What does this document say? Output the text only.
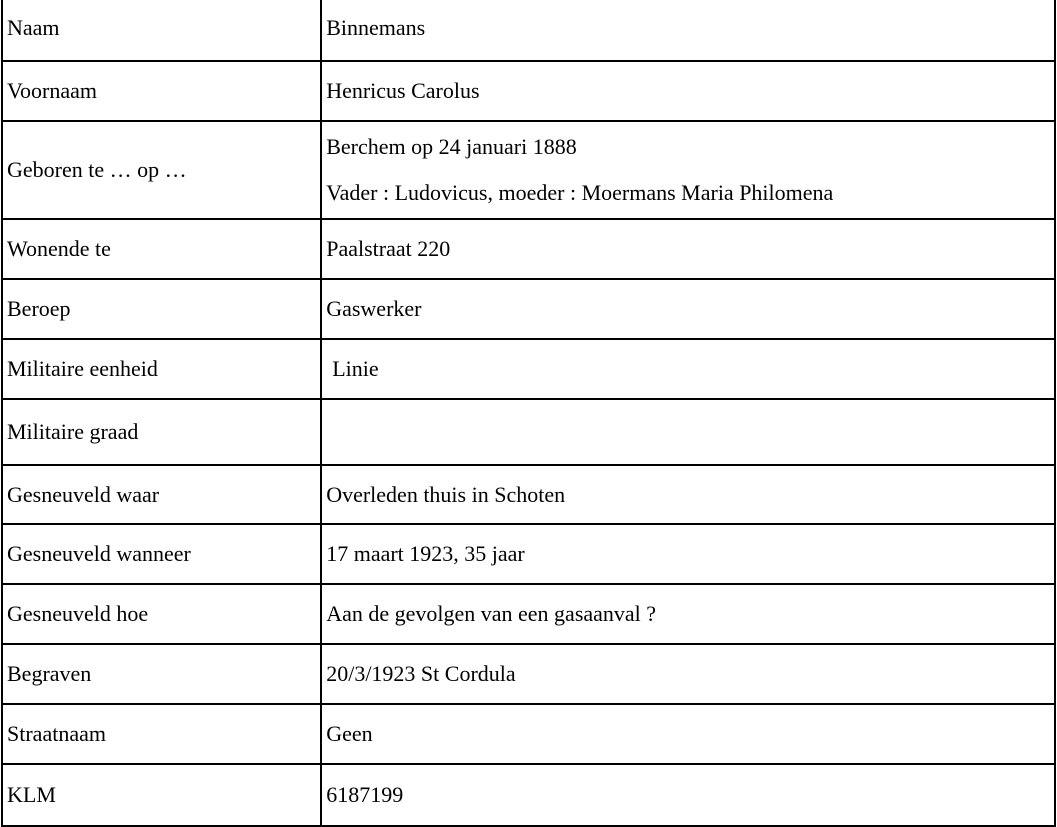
Naam	Binnemans

Voornaam	Henricus Carolus

Geboren te … op …	Berchem op 24 januari 1888
Vader : Ludovicus, moeder : Moermans Maria Philomena

Wonende te	Paalstraat 220

Beroep	Gaswerker

Militaire eenheid	Linie

Militaire graad	

Gesneuveld waar	Overleden thuis in Schoten

Gesneuveld wanneer	17 maart 1923, 35 jaar

Gesneuveld hoe	Aan de gevolgen van een gasaanval ?

Begraven	20/3/1923 St Cordula

Straatnaam	Geen

KLM	6187199
